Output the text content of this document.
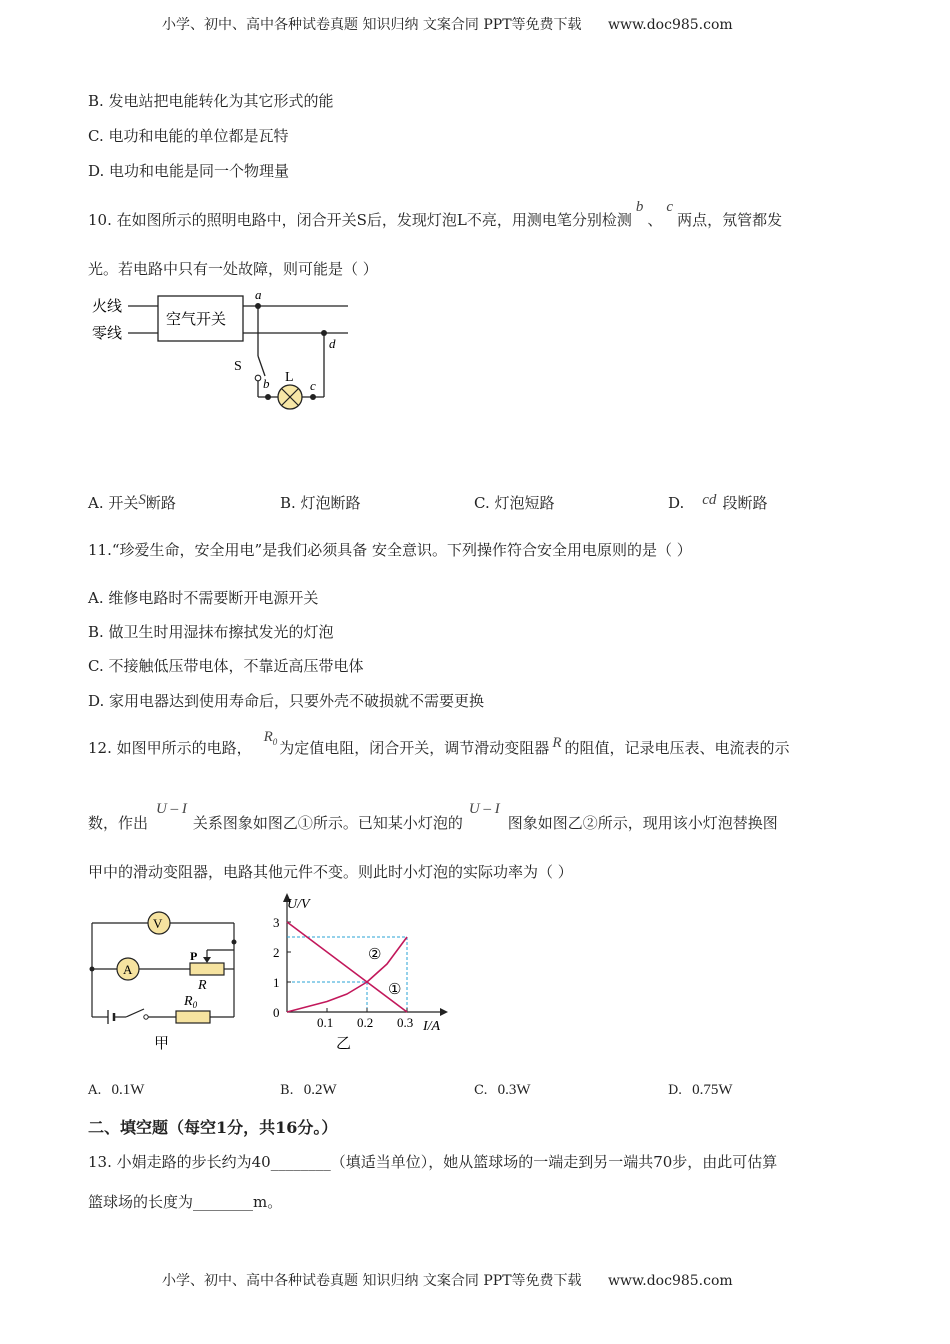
小学、初中、高中各种试卷真题 知识归纳 文案合同 PPT等免费下载 www.doc985.com
B. 发电站把电能转化为其它形式的能
C. 电功和电能的单位都是瓦特
D. 电功和电能是同一个物理量
10. 在如图所示的照明电路中，闭合开关S后，发现灯泡L不亮，用测电笔分别检测b、c两点，氖管都发
光。若电路中只有一处故障，则可能是（ ）
火线
零线
空气开关
a
S
b L
c
d
A. 开关S断路	B. 灯泡断路	C. 灯泡短路	D. cd 段断路
11.“珍爱生命，安全用电”是我们必须具备 安全意识。下列操作符合安全用电原则的是（ ）
A. 维修电路时不需要断开电源开关
B. 做卫生时用湿抹布擦拭发光的灯泡
C. 不接触低压带电体，不靠近高压带电体
D. 家用电器达到使用寿命后，只要外壳不破损就不需要更换
12. 如图甲所示的电路，$R_0$ 为定值电阻，闭合开关，调节滑动变阻器 R 的阻值，记录电压表、电流表的示
数，作出U – I关系图象如图乙①所示。已知某小灯泡的U – I图象如图乙②所示，现用该小灯泡替换图
甲中的滑动变阻器，电路其他元件不变。则此时小灯泡的实际功率为（ ）
V
A
P
R
$R_0$
甲
U/V
I/A
0.1 0.2 0.3
0
1
2
3
②
①
乙
A. 0.1W	B. 0.2W	C. 0.3W	D. 0.75W
二、填空题（每空1分，共16分。）
13. 小娟走路的步长约为40________（填适当单位），她从篮球场的一端走到另一端共70步，由此可估算
篮球场的长度为________m。
小学、初中、高中各种试卷真题 知识归纳 文案合同 PPT等免费下载 www.doc985.com
